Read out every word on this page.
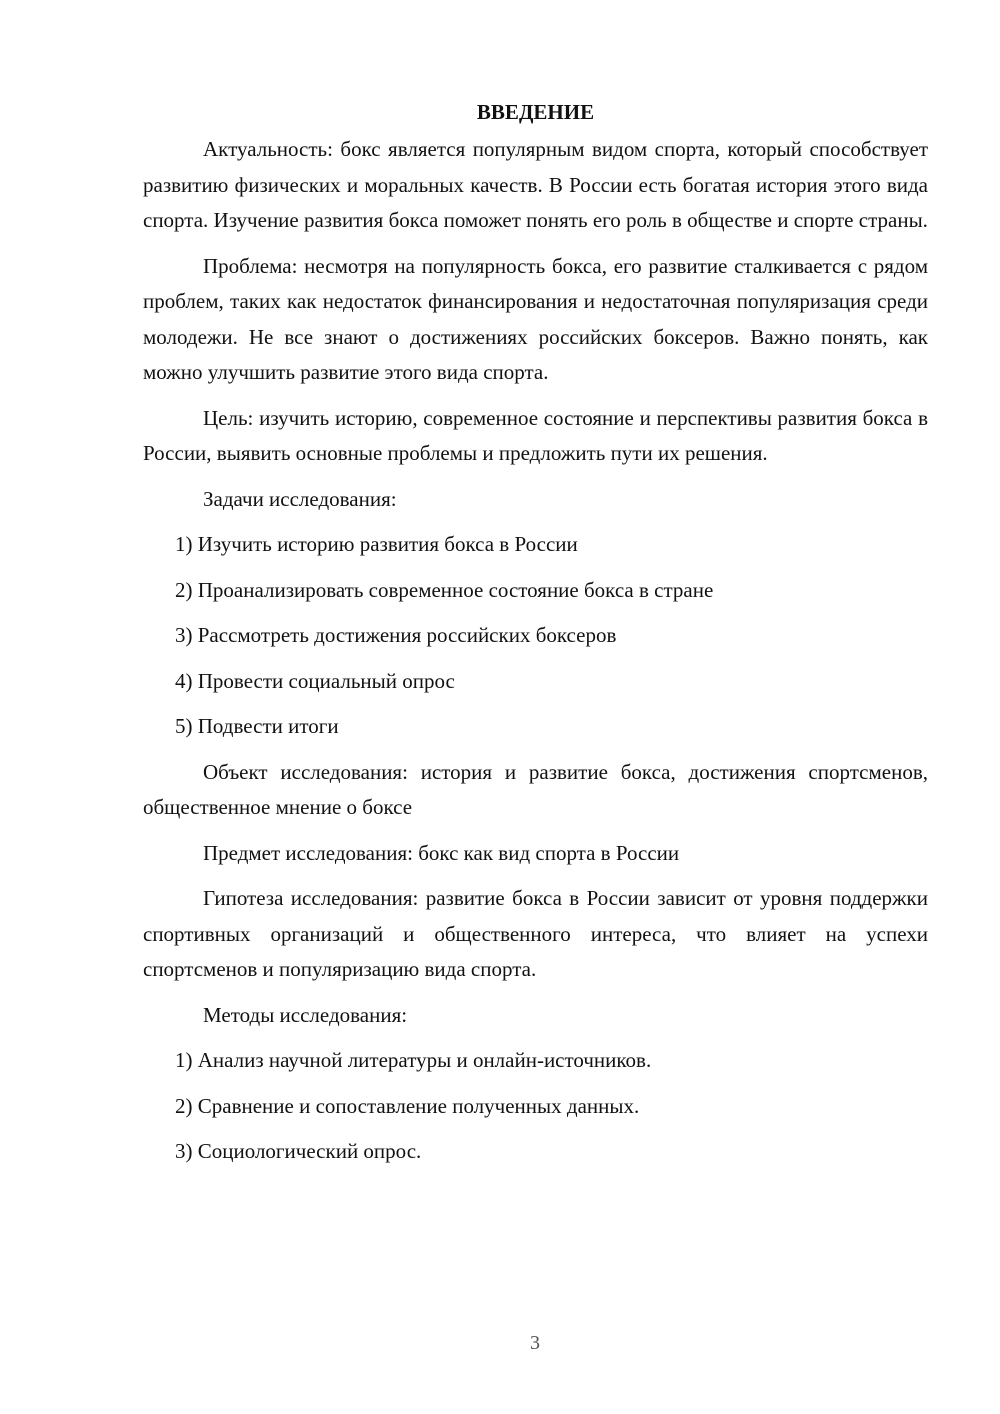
ВВЕДЕНИЕ

Актуальность: бокс является популярным видом спорта, который способствует развитию физических и моральных качеств. В России есть богатая история этого вида спорта. Изучение развития бокса поможет понять его роль в обществе и спорте страны.

Проблема: несмотря на популярность бокса, его развитие сталкивается с рядом проблем, таких как недостаток финансирования и недостаточная популяризация среди молодежи. Не все знают о достижениях российских боксеров. Важно понять, как можно улучшить развитие этого вида спорта.

Цель: изучить историю, современное состояние и перспективы развития бокса в России, выявить основные проблемы и предложить пути их решения.

Задачи исследования:

1) Изучить историю развития бокса в России
2) Проанализировать современное состояние бокса в стране
3) Рассмотреть достижения российских боксеров
4) Провести социальный опрос
5) Подвести итоги

Объект исследования: история и развитие бокса, достижения спортсменов, общественное мнение о боксе

Предмет исследования: бокс как вид спорта в России

Гипотеза исследования: развитие бокса в России зависит от уровня поддержки спортивных организаций и общественного интереса, что влияет на успехи спортсменов и популяризацию вида спорта.

Методы исследования:

1) Анализ научной литературы и онлайн-источников.
2) Сравнение и сопоставление полученных данных.
3) Социологический опрос.
3
